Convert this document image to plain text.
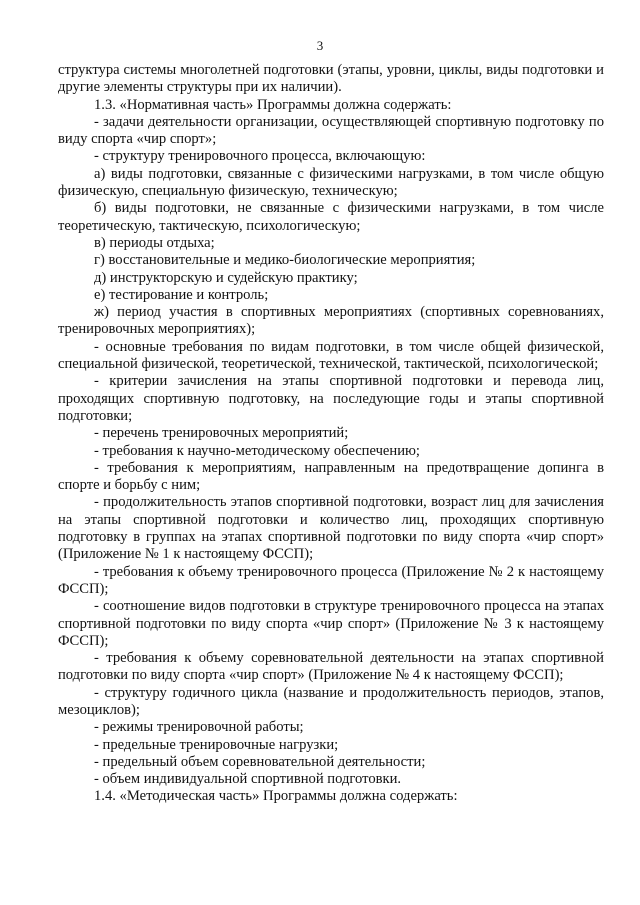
3

структура системы многолетней подготовки (этапы, уровни, циклы, виды подготовки и другие элементы структуры при их наличии).

1.3. «Нормативная часть» Программы должна содержать:

- задачи деятельности организации, осуществляющей спортивную подготовку по виду спорта «чир спорт»;

- структуру тренировочного процесса, включающую:

а) виды подготовки, связанные с физическими нагрузками, в том числе общую физическую, специальную физическую, техническую;

б) виды подготовки, не связанные с физическими нагрузками, в том числе теоретическую, тактическую, психологическую;

в) периоды отдыха;

г) восстановительные и медико-биологические мероприятия;

д) инструкторскую и судейскую практику;

е) тестирование и контроль;

ж) период участия в спортивных мероприятиях (спортивных соревнованиях, тренировочных мероприятиях);

- основные требования по видам подготовки, в том числе общей физической, специальной физической, теоретической, технической, тактической, психологической;

- критерии зачисления на этапы спортивной подготовки и перевода лиц, проходящих спортивную подготовку, на последующие годы и этапы спортивной подготовки;

- перечень тренировочных мероприятий;

- требования к научно-методическому обеспечению;

- требования к мероприятиям, направленным на предотвращение допинга в спорте и борьбу с ним;

- продолжительность этапов спортивной подготовки, возраст лиц для зачисления на этапы спортивной подготовки и количество лиц, проходящих спортивную подготовку в группах на этапах спортивной подготовки по виду спорта «чир спорт» (Приложение № 1 к настоящему ФССП);

- требования к объему тренировочного процесса (Приложение № 2 к настоящему ФССП);

- соотношение видов подготовки в структуре тренировочного процесса на этапах спортивной подготовки по виду спорта «чир спорт» (Приложение № 3 к настоящему ФССП);

- требования к объему соревновательной деятельности на этапах спортивной подготовки по виду спорта «чир спорт» (Приложение № 4 к настоящему ФССП);

- структуру годичного цикла (название и продолжительность периодов, этапов, мезоциклов);

- режимы тренировочной работы;

- предельные тренировочные нагрузки;

- предельный объем соревновательной деятельности;

- объем индивидуальной спортивной подготовки.

1.4. «Методическая часть» Программы должна содержать:
